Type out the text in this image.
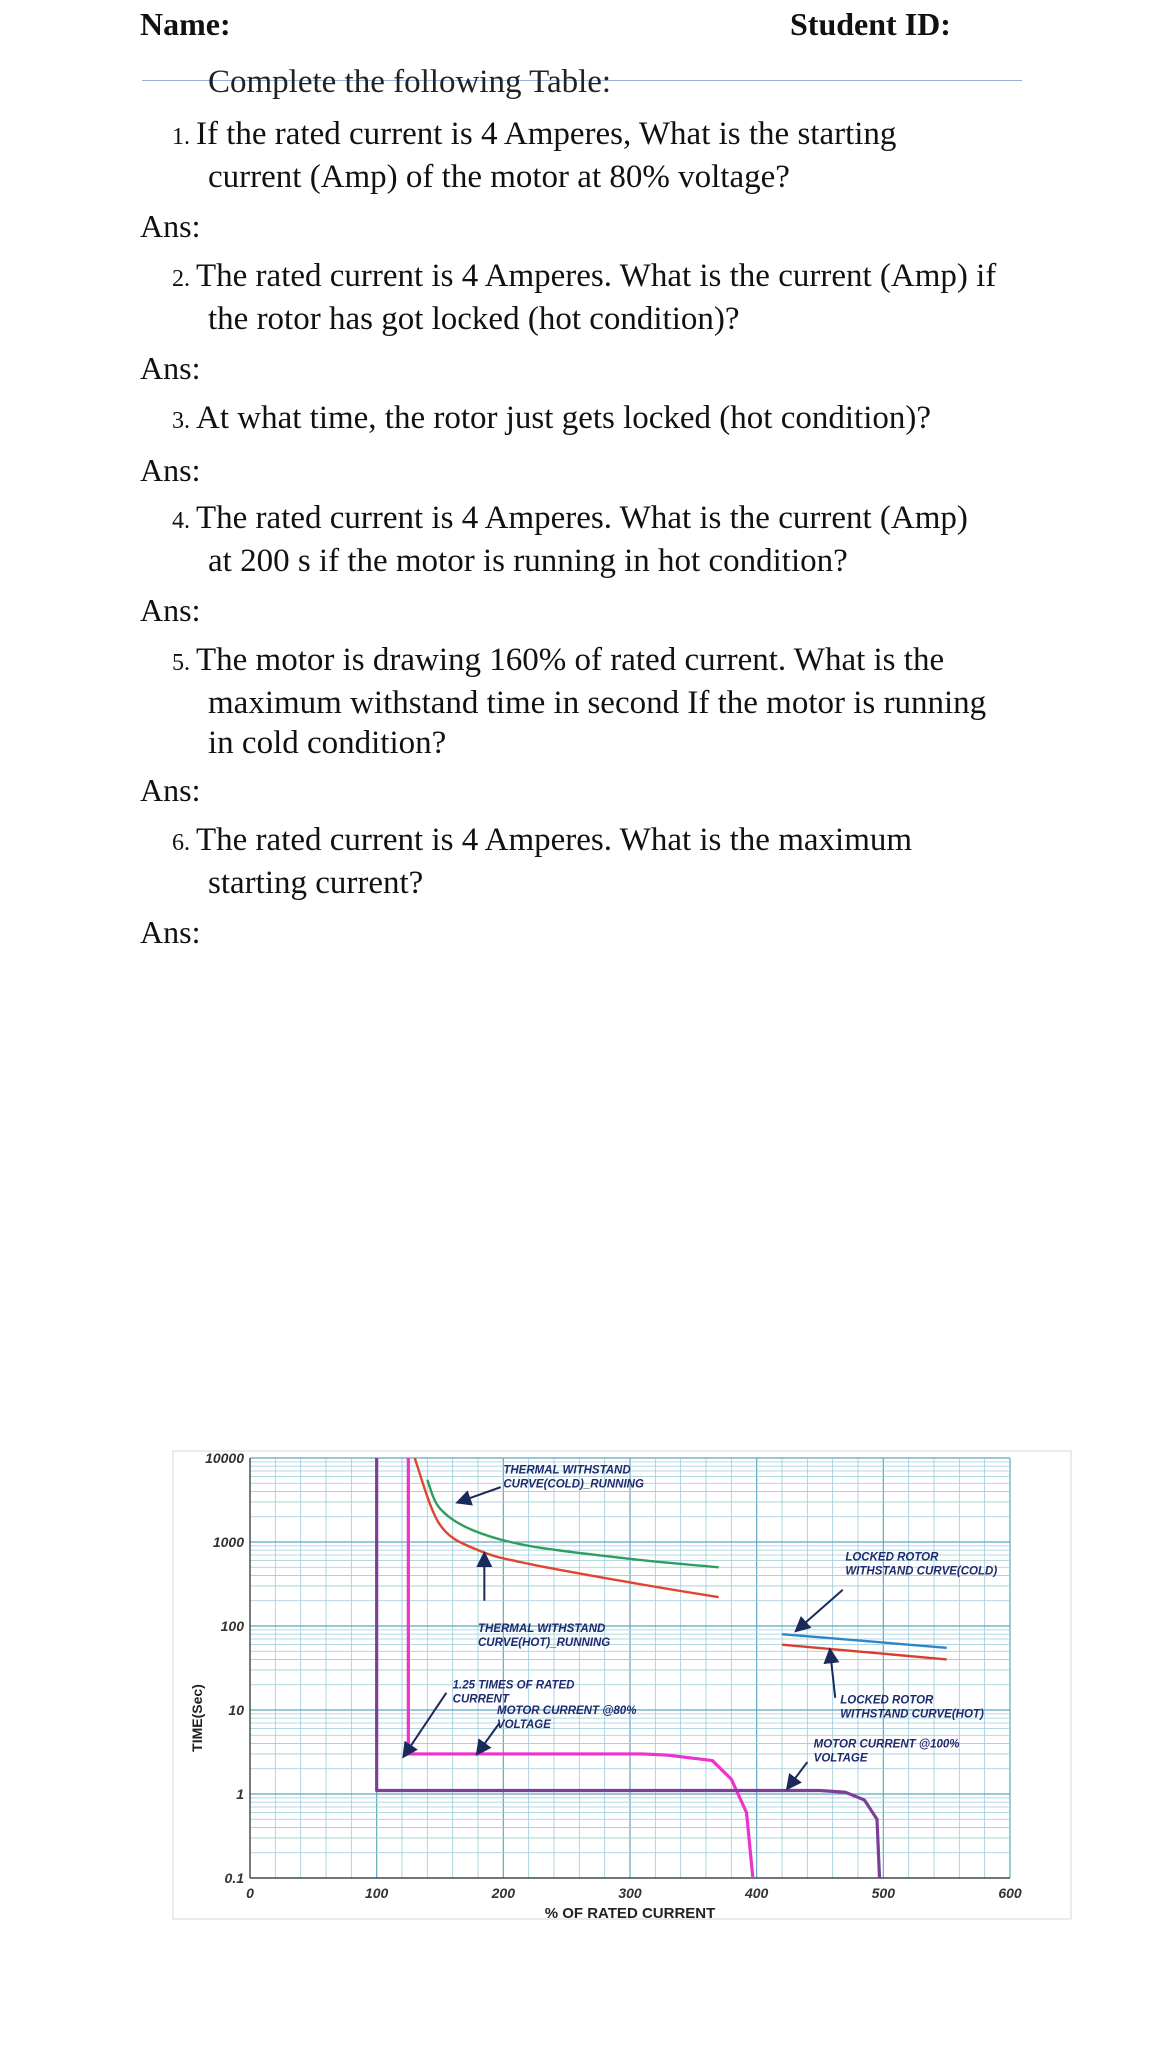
Name:	Student ID:
Complete the following Table:
1. If the rated current is 4 Amperes, What is the starting
current (Amp) of the motor at 80% voltage?
Ans:
2. The rated current is 4 Amperes. What is the current (Amp) if
the rotor has got locked (hot condition)?
Ans:
3. At what time, the rotor just gets locked (hot condition)?
Ans:
4. The rated current is 4 Amperes. What is the current (Amp)
at 200 s if the motor is running in hot condition?
Ans:
5. The motor is drawing 160% of rated current. What is the
maximum withstand time in second If the motor is running
in cold condition?
Ans:
6. The rated current is 4 Amperes. What is the maximum
starting current?
Ans:
10000
1000
100
10
1
0.1
0	100	200	300	400	500	600
% OF RATED CURRENT
TIME(Sec)
THERMAL WITHSTAND
CURVE(COLD)_RUNNING
THERMAL WITHSTAND
CURVE(HOT)_RUNNING
1.25 TIMES OF RATED
CURRENT
MOTOR CURRENT @80%
VOLTAGE
LOCKED ROTOR
WITHSTAND CURVE(COLD)
LOCKED ROTOR
WITHSTAND CURVE(HOT)
MOTOR CURRENT @100%
VOLTAGE
